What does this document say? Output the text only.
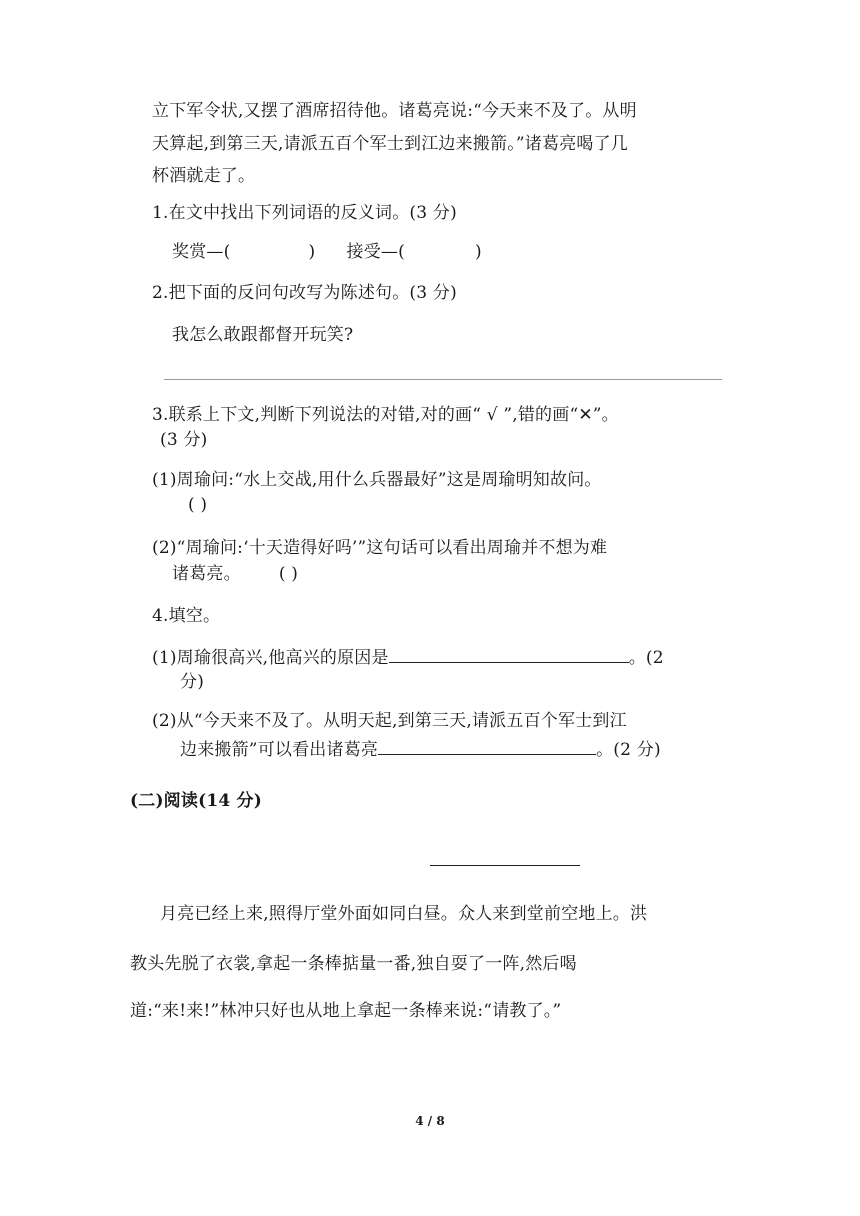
立下军令状,又摆了酒席招待他。诸葛亮说:“今天来不及了。从明
天算起,到第三天,请派五百个军士到江边来搬箭。”诸葛亮喝了几
杯酒就走了。
1.在文中找出下列词语的反义词。(3 分)
奖赏—(	) 接受—(	)
2.把下面的反问句改写为陈述句。(3 分)
我怎么敢跟都督开玩笑?
3.联系上下文,判断下列说法的对错,对的画“ √ ”,错的画“✕”。
(3 分)
(1)周瑜问:“水上交战,用什么兵器最好”这是周瑜明知故问。
( )
(2)“周瑜问:‘十天造得好吗’”这句话可以看出周瑜并不想为难
诸葛亮。 ( )
4.填空。
(1)周瑜很高兴,他高兴的原因是	。(2
分)
(2)从“今天来不及了。从明天起,到第三天,请派五百个军士到江
边来搬箭”可以看出诸葛亮	。(2 分)
(二)阅读(14 分)
月亮已经上来,照得厅堂外面如同白昼。众人来到堂前空地上。洪
教头先脱了衣裳,拿起一条棒掂量一番,独自耍了一阵,然后喝
道:“来!来!”林冲只好也从地上拿起一条棒来说:“请教了。”
4 / 8
